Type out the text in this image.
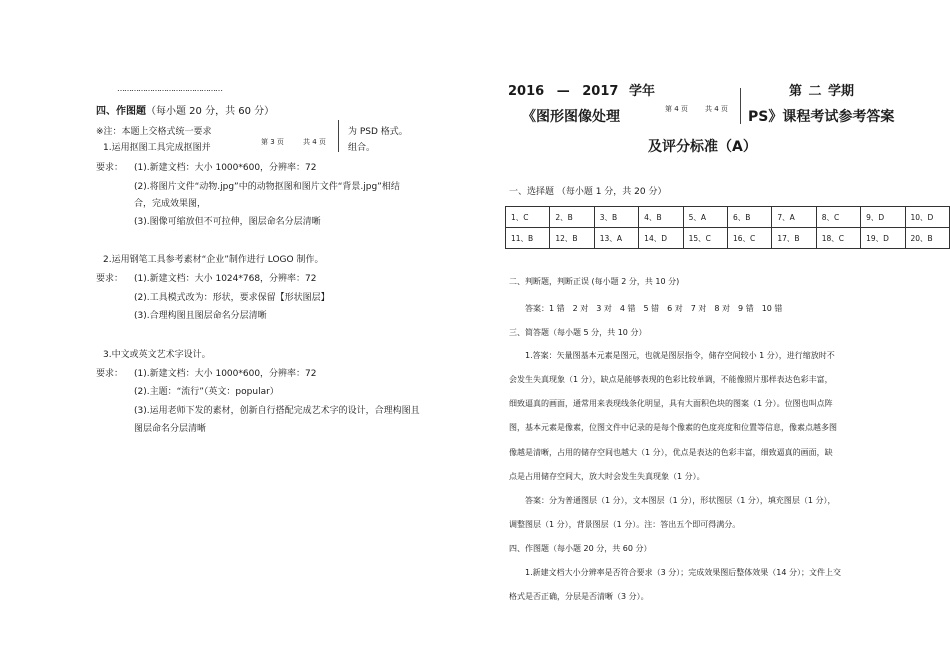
………………………………………
四、作图题（每小题 20 分，共 60 分）
※注：本题上交格式统一要求	为 PSD 格式。
第 3 页	共 4 页
1.运用抠图工具完成抠图并	组合。
要求： (1).新建文档：大小 1000*600，分辨率：72
(2).将图片文件“动物.jpg”中的动物抠图和图片文件“背景.jpg”相结
合，完成效果图，
(3).图像可缩放但不可拉伸，图层命名分层清晰
2.运用钢笔工具参考素材“企业”制作进行 LOGO 制作。
要求： (1).新建文档：大小 1024*768，分辨率：72
(2).工具模式改为：形状，要求保留【形状图层】
(3).合理构图且图层命名分层清晰
3.中文或英文艺术字设计。
要求： (1).新建文档：大小 1000*600，分辨率：72
(2).主题：“流行”（英文：popular）
(3).运用老师下发的素材，创新自行搭配完成艺术字的设计，合理构图且
图层命名分层清晰
2016 — 2017 学年	第 二 学期
《图形图像处理	第 4 页 共 4 页 PS》课程考试参考答案
及评分标准（A）
一、选择题 （每小题 1 分，共 20 分）
1、C	2、B	3、B	4、B	5、A	6、B	7、A	8、C	9、D	10、D
11、B	12、B	13、A	14、D	15、C	16、C	17、B	18、C	19、D	20、B
二、判断题，判断正误 (每小题 2 分，共 10 分)
答案：1 错　2 对　3 对　4 错　5 错　6 对　7 对　8 对　9 错　10 错
三、简答题（每小题 5 分，共 10 分）
1.答案：矢量图基本元素是图元，也就是图层指令，储存空间较小 1 分），进行缩放时不
会发生失真现象（1 分），缺点是能够表现的色彩比较单调，不能像照片那样表达色彩丰富，
细致逼真的画面，通常用来表现线条化明显，具有大面积色块的图案（1 分）。位图也叫点阵
图，基本元素是像素，位图文件中记录的是每个像素的色度亮度和位置等信息，像素点越多图
像越是清晰，占用的储存空间也越大（1 分），优点是表达的色彩丰富，细致逼真的画面，缺
点是占用储存空间大，放大时会发生失真现象（1 分）。
答案：分为普通图层（1 分），文本图层（1 分），形状图层（1 分），填充图层（1 分），
调整图层（1 分），背景图层（1 分）。注：答出五个即可得满分。
四、作图题（每小题 20 分，共 60 分）
1.新建文档大小分辨率是否符合要求（3 分）；完成效果图后整体效果（14 分）；文件上交
格式是否正确，分层是否清晰（3 分）。
